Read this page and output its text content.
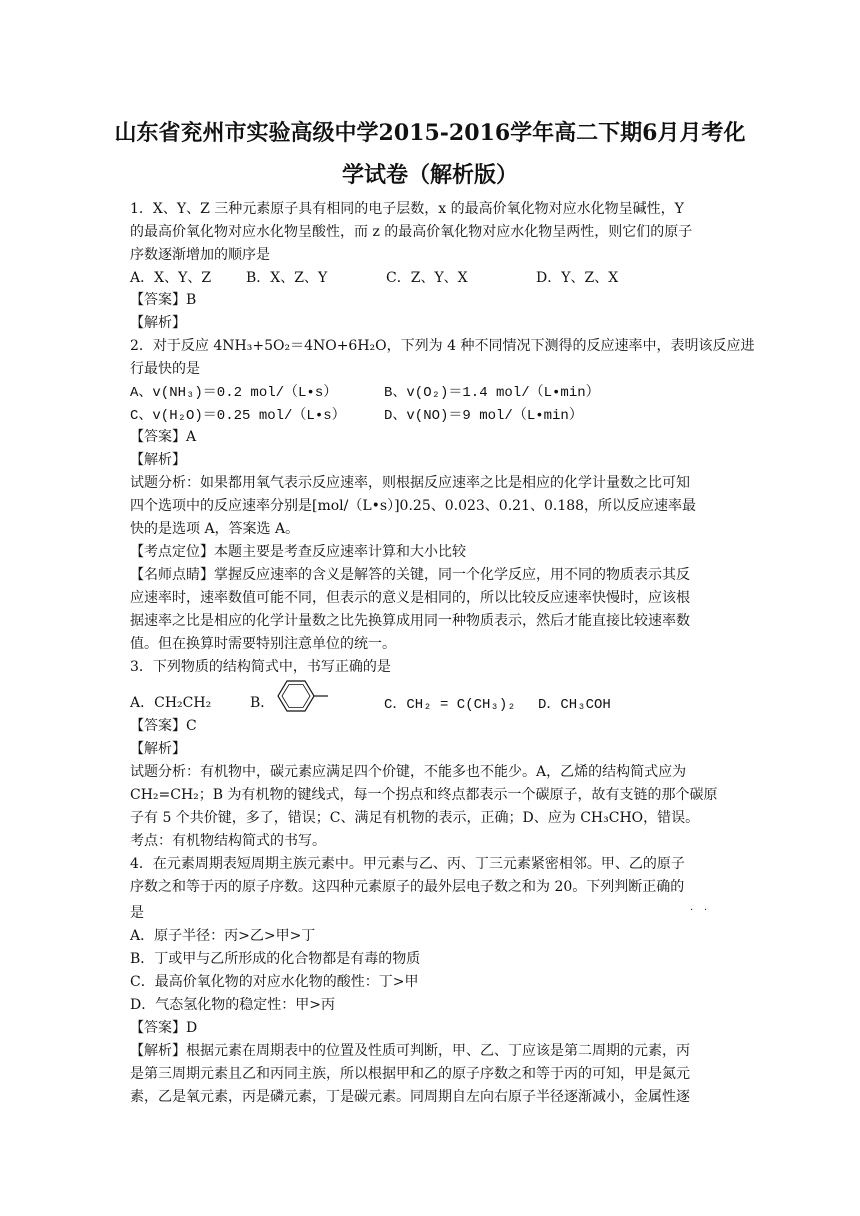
山东省兖州市实验高级中学2015-2016学年高二下期6月月考化
学试卷（解析版）
1．X、Y、Z 三种元素原子具有相同的电子层数，x 的最高价氧化物对应水化物呈碱性，Y
的最高价氧化物对应水化物呈酸性，而 z 的最高价氧化物对应水化物呈两性，则它们的原子
序数逐渐增加的顺序是
A．X、Y、Z B．X、Z、Y	C．Z、Y、X	D．Y、Z、X
【答案】B
【解析】
2．对于反应 4NH₃+5O₂＝4NO+6H₂O，下列为 4 种不同情况下测得的反应速率中，表明该反应进
行最快的是
A、v(NH₃)＝0.2 mol/（L•s）	B、v(O₂)＝1.4 mol/（L•min）
C、v(H₂O)＝0.25 mol/（L•s）	D、v(NO)＝9 mol/（L•min）
【答案】A
【解析】
试题分析：如果都用氧气表示反应速率，则根据反应速率之比是相应的化学计量数之比可知
四个选项中的反应速率分别是[mol/（L•s）]0.25、0.023、0.21、0.188，所以反应速率最
快的是选项 A，答案选 A。
【考点定位】本题主要是考查反应速率计算和大小比较
【名师点睛】掌握反应速率的含义是解答的关键，同一个化学反应，用不同的物质表示其反
应速率时，速率数值可能不同，但表示的意义是相同的，所以比较反应速率快慢时，应该根
据速率之比是相应的化学计量数之比先换算成用同一种物质表示，然后才能直接比较速率数
值。但在换算时需要特别注意单位的统一。
3．下列物质的结构简式中，书写正确的是
A．CH₂CH₂	B．	C．CH₂ = C(CH₃)₂ D．CH₃COH
【答案】C
【解析】
试题分析：有机物中，碳元素应满足四个价键，不能多也不能少。A，乙烯的结构简式应为
CH₂=CH₂；B 为有机物的键线式，每一个拐点和终点都表示一个碳原子，故有支链的那个碳原
子有 5 个共价键，多了，错误；C、满足有机物的表示，正确；D、应为 CH₃CHO，错误。
考点：有机物结构简式的书写。
4．在元素周期表短周期主族元素中。甲元素与乙、丙、丁三元素紧密相邻。甲、乙的原子
序数之和等于丙的原子序数。这四种元素原子的最外层电子数之和为 20。下列判断正确的
· ·
是
A．原子半径：丙>乙>甲>丁
B．丁或甲与乙所形成的化合物都是有毒的物质
C．最高价氧化物的对应水化物的酸性：丁>甲
D．气态氢化物的稳定性：甲>丙
【答案】D
【解析】根据元素在周期表中的位置及性质可判断，甲、乙、丁应该是第二周期的元素，丙
是第三周期元素且乙和丙同主族，所以根据甲和乙的原子序数之和等于丙的可知，甲是氮元
素，乙是氧元素，丙是磷元素，丁是碳元素。同周期自左向右原子半径逐渐减小，金属性逐
